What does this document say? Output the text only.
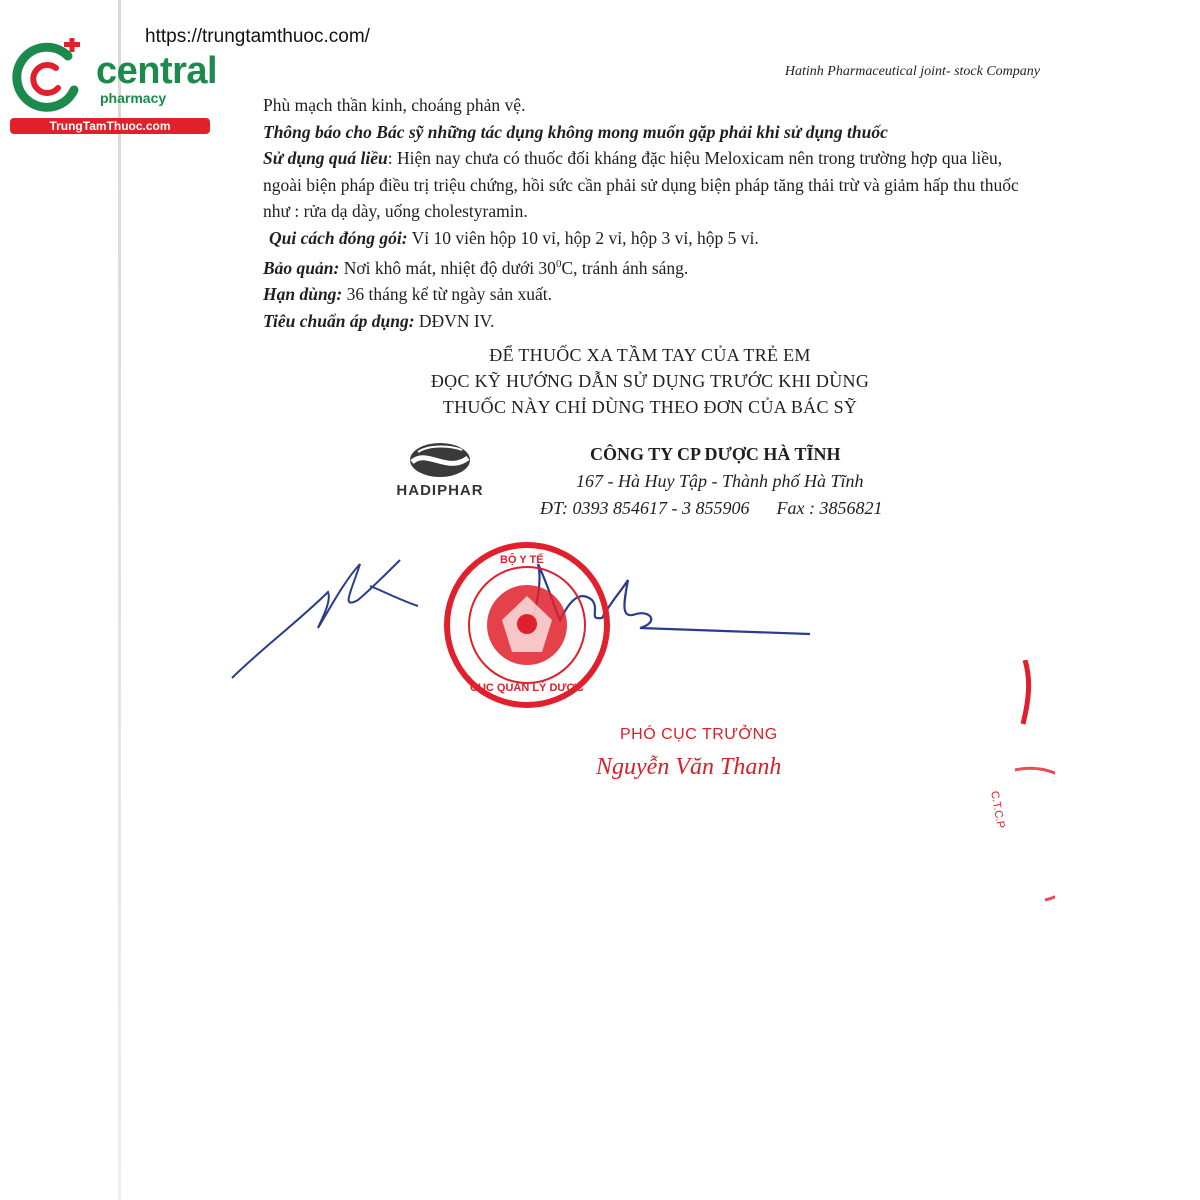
https://trungtamthuoc.com/
central
pharmacy
TrungTamThuoc.com
Hatinh Pharmaceutical joint- stock Company

Phù mạch thần kinh, choáng phản vệ.

Thông báo cho Bác sỹ những tác dụng không mong muốn gặp phải khi sử dụng thuốc

Sử dụng quá liều: Hiện nay chưa có thuốc đối kháng đặc hiệu Meloxicam nên trong trường hợp qua liều, ngoài biện pháp điều trị triệu chứng, hồi sức cần phải sử dụng biện pháp tăng thải trừ và giảm hấp thu thuốc như : rửa dạ dày, uống cholestyramin.

Qui cách đóng gói: Vỉ 10 viên hộp 10 vỉ, hộp 2 vỉ, hộp 3 vỉ, hộp 5 vỉ.

Bảo quản: Nơi khô mát, nhiệt độ dưới $30^0C$, tránh ánh sáng.

Hạn dùng: 36 tháng kể từ ngày sản xuất.

Tiêu chuẩn áp dụng: DĐVN IV.

ĐỂ THUỐC XA TẦM TAY CỦA TRẺ EM
ĐỌC KỸ HƯỚNG DẪN SỬ DỤNG TRƯỚC KHI DÙNG
THUỐC NÀY CHỈ DÙNG THEO ĐƠN CỦA BÁC SỸ
HADIPHAR
CÔNG TY CP DƯỢC HÀ TĨNH
167 - Hà Huy Tập - Thành phố Hà Tĩnh
ĐT: 0393 854617 - 3 855906      Fax : 3856821
BỘ Y TẾ
CỤC QUẢN LÝ DƯỢC
PHÓ CỤC TRƯỞNG
Nguyễn Văn Thanh
C.T.C.P
